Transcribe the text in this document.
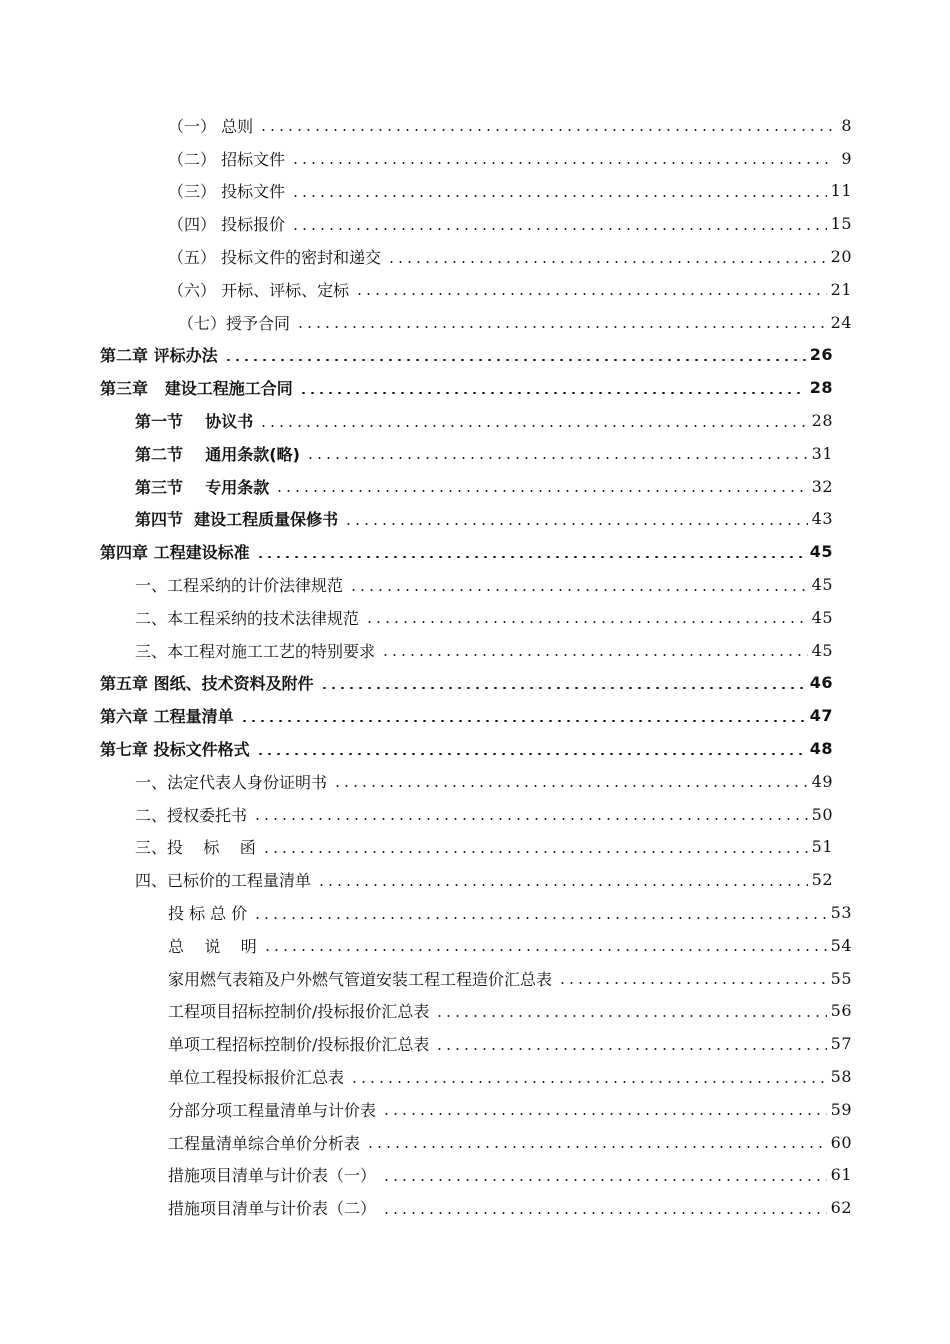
（一） 总则	8
（二） 招标文件	9
（三） 投标文件	11
（四） 投标报价	15
（五） 投标文件的密封和递交	20
（六） 开标、评标、定标	21
（七）授予合同	24
第二章 评标办法	26
第三章   建设工程施工合同	28
第一节    协议书	28
第二节    通用条款(略)	31
第三节    专用条款	32
第四节  建设工程质量保修书	43
第四章 工程建设标准	45
一、工程采纳的计价法律规范	45
二、本工程采纳的技术法律规范	45
三、本工程对施工工艺的特别要求	45
第五章 图纸、技术资料及附件	46
第六章 工程量清单	47
第七章 投标文件格式	48
一、法定代表人身份证明书	49
二、授权委托书	50
三、投    标    函	51
四、已标价的工程量清单	52
投 标 总 价	53
总    说    明	54
家用燃气表箱及户外燃气管道安装工程工程造价汇总表	55
工程项目招标控制价/投标报价汇总表	56
单项工程招标控制价/投标报价汇总表	57
单位工程投标报价汇总表	58
分部分项工程量清单与计价表	59
工程量清单综合单价分析表	60
措施项目清单与计价表（一）	61
措施项目清单与计价表（二）	62
